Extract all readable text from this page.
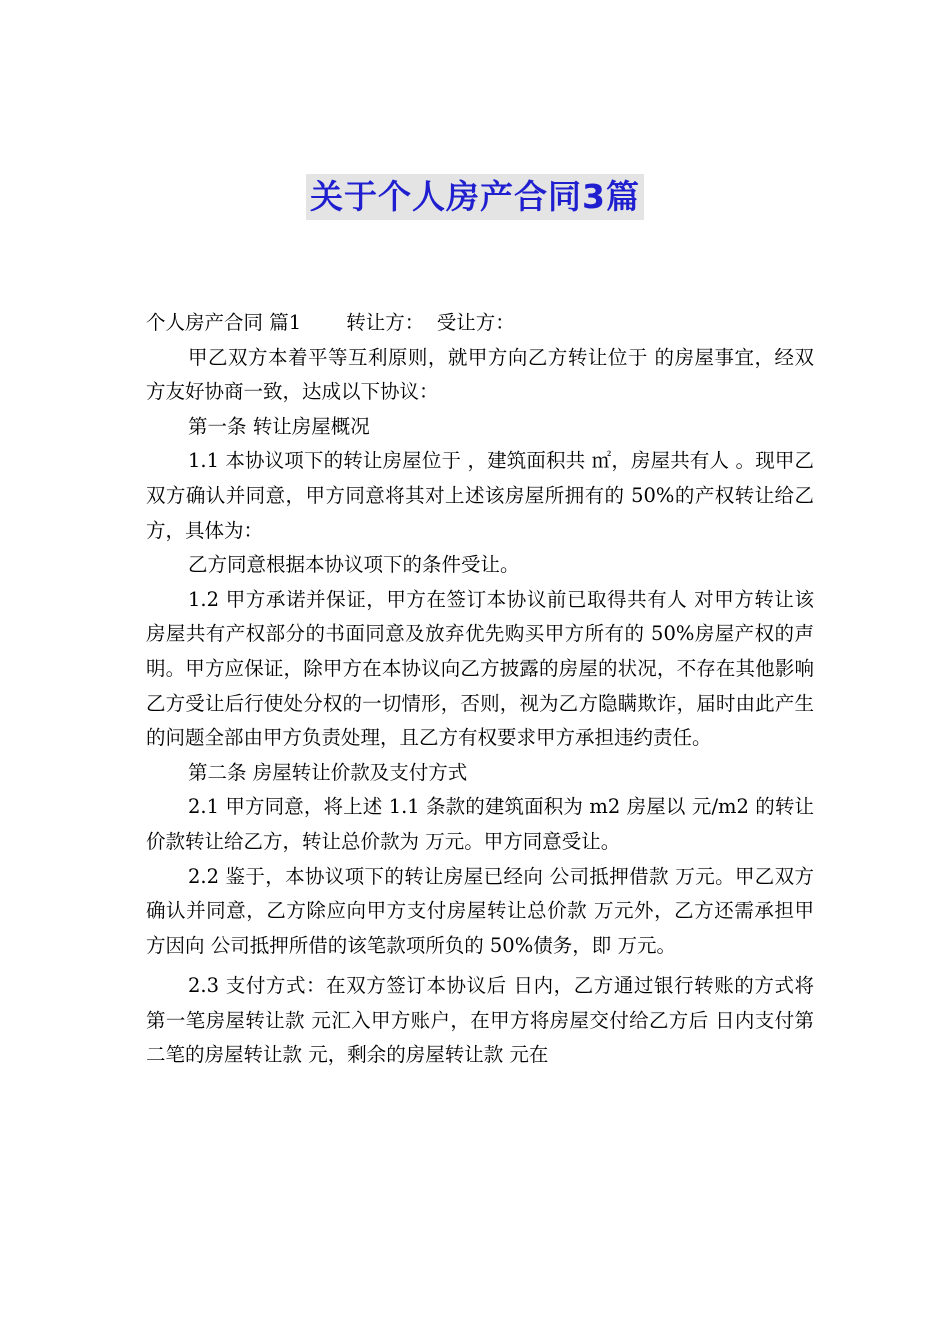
关于个人房产合同3篇

个人房产合同 篇1　　 转让方：  受让方：

甲乙双方本着平等互利原则，就甲方向乙方转让位于 的房屋事宜，经双方友好协商一致，达成以下协议：

第一条 转让房屋概况

1.1 本协议项下的转让房屋位于 ，建筑面积共 ㎡，房屋共有人 。现甲乙双方确认并同意，甲方同意将其对上述该房屋所拥有的 50%的产权转让给乙方，具体为：

乙方同意根据本协议项下的条件受让。

1.2 甲方承诺并保证，甲方在签订本协议前已取得共有人 对甲方转让该房屋共有产权部分的书面同意及放弃优先购买甲方所有的 50%房屋产权的声明。甲方应保证，除甲方在本协议向乙方披露的房屋的状况，不存在其他影响乙方受让后行使处分权的一切情形，否则，视为乙方隐瞒欺诈，届时由此产生的问题全部由甲方负责处理，且乙方有权要求甲方承担违约责任。

第二条 房屋转让价款及支付方式

2.1 甲方同意，将上述 1.1 条款的建筑面积为 m2 房屋以 元/m2 的转让价款转让给乙方，转让总价款为 万元。甲方同意受让。

2.2 鉴于，本协议项下的转让房屋已经向 公司抵押借款 万元。甲乙双方确认并同意，乙方除应向甲方支付房屋转让总价款 万元外，乙方还需承担甲方因向 公司抵押所借的该笔款项所负的 50%债务，即 万元。

2.3 支付方式：在双方签订本协议后 日内，乙方通过银行转账的方式将第一笔房屋转让款 元汇入甲方账户，在甲方将房屋交付给乙方后 日内支付第二笔的房屋转让款 元，剩余的房屋转让款 元在
